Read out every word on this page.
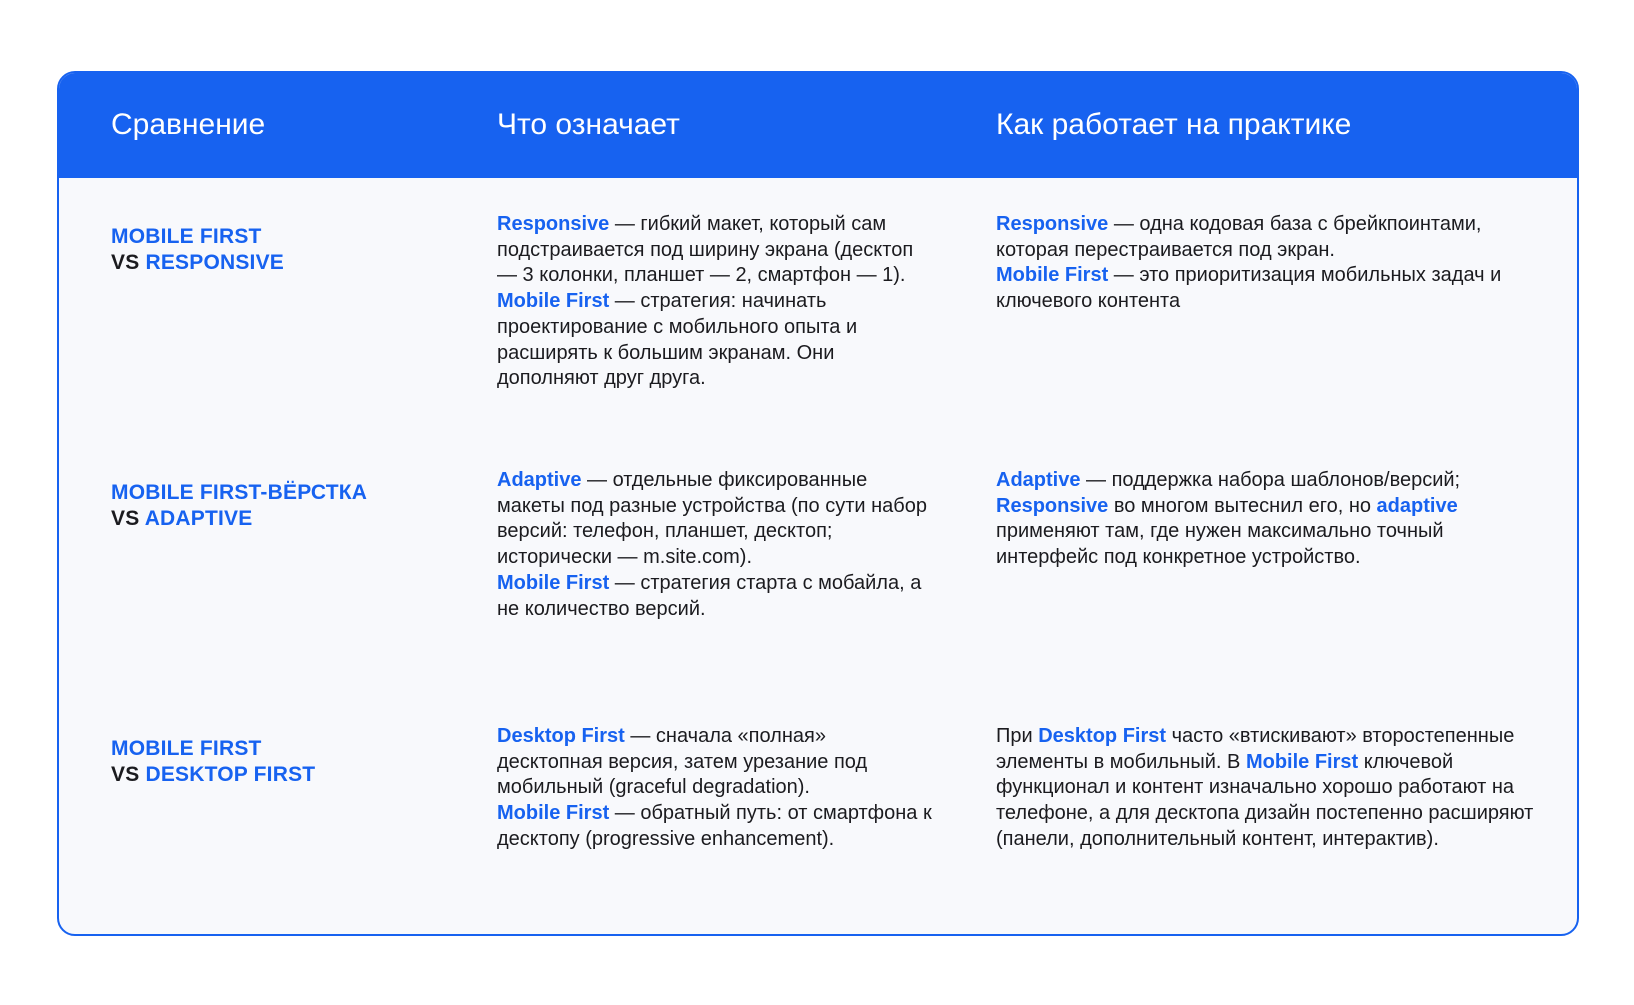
Сравнение	Что означает	Как работает на практике
MOBILE FIRST
VS RESPONSIVE
Responsive — гибкий макет, который сам подстраивается под ширину экрана (десктоп — 3 колонки, планшет — 2, смартфон — 1).
Mobile First — стратегия: начинать проектирование с мобильного опыта и расширять к большим экранам. Они дополняют друг друга.
Responsive — одна кодовая база с брейкпоинтами, которая перестраивается под экран.
Mobile First — это приоритизация мобильных задач и ключевого контента
MOBILE FIRST-ВЁРСТКА
VS ADAPTIVE
Adaptive — отдельные фиксированные макеты под разные устройства (по сути набор версий: телефон, планшет, десктоп; исторически — m.site.com).
Mobile First — стратегия старта с мобайла, а не количество версий.
Adaptive — поддержка набора шаблонов/версий;
Responsive во многом вытеснил его, но adaptive применяют там, где нужен максимально точный интерфейс под конкретное устройство.
MOBILE FIRST
VS DESKTOP FIRST
Desktop First — сначала «полная» десктопная версия, затем урезание под мобильный (graceful degradation).
Mobile First — обратный путь: от смартфона к десктопу (progressive enhancement).
При Desktop First часто «втискивают» второстепенные элементы в мобильный. В Mobile First ключевой функционал и контент изначально хорошо работают на телефоне, а для десктопа дизайн постепенно расширяют (панели, дополнительный контент, интерактив).
